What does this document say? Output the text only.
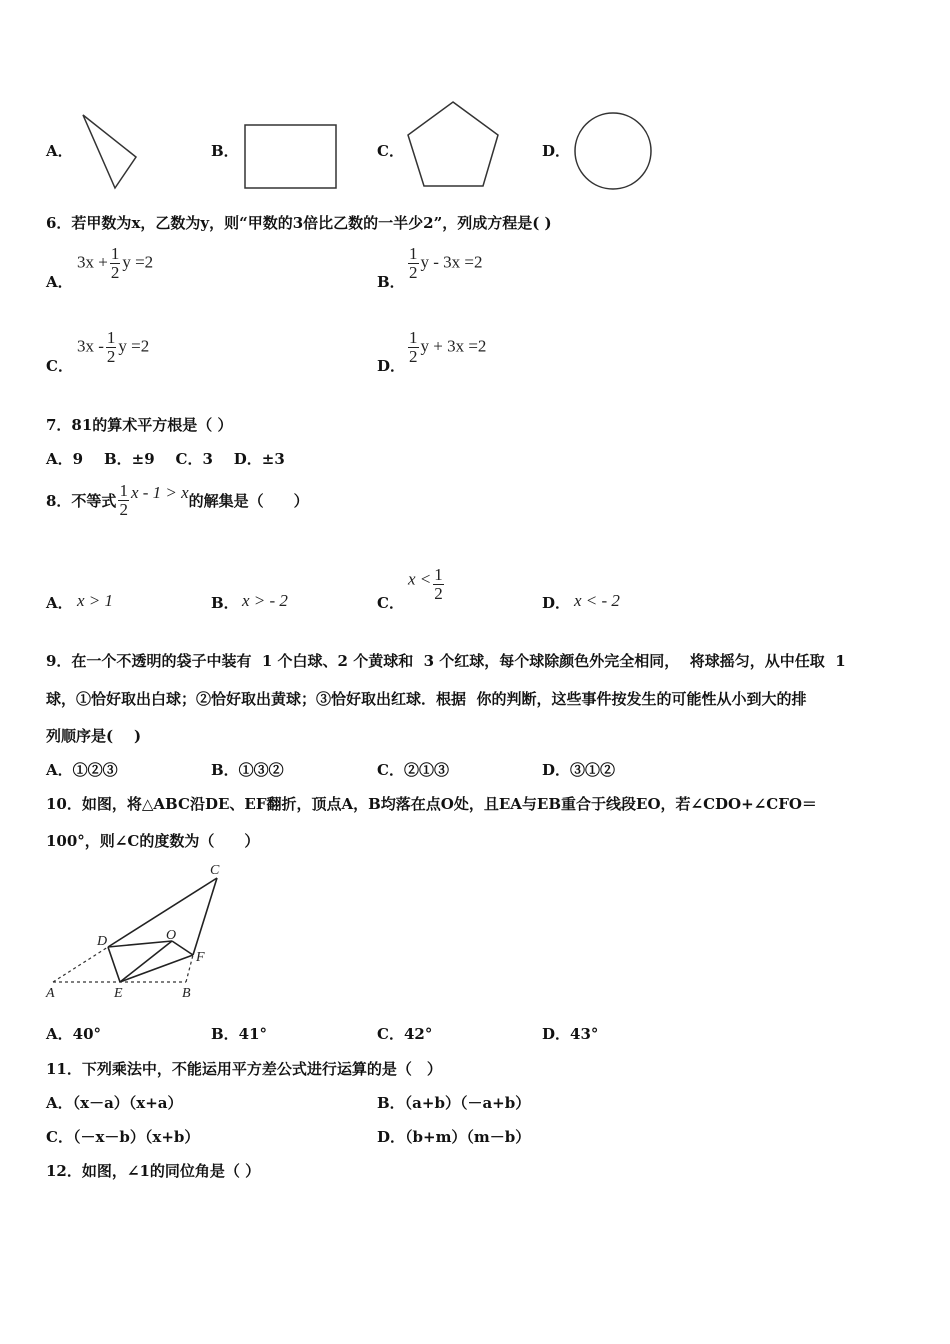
A．	B．	C．	D．
6．若甲数为x，乙数为y，则“甲数的3倍比乙数的一半少2”，列成方程是( )
A．
$3x + \frac{1}{2}$ y =2
B．
$\frac{1}{2}$ y - 3x =2
C．
$3x - \frac{1}{2}$ y =2
D．
$\frac{1}{2}$ y + 3x =2
7．81的算术平方根是（ ）
A．9    B．±9    C．3    D．±3
8．不等式 $\frac{1}{2}$ x - 1 > x的解集是（　　）
A． x > 1	B． x > - 2	C．
$x < \frac{1}{2}$
D． x < - 2
9．在一个不透明的袋子中装有  1 个白球、2 个黄球和  3 个红球，每个球除颜色外完全相同，  将球摇匀，从中任取  1
球，①恰好取出白球；②恰好取出黄球；③恰好取出红球．根据  你的判断，这些事件按发生的可能性从小到大的排
列顺序是(    )
A．①②③	B．①③②	C．②①③	D．③①②
10．如图，将△ABC沿DE、EF翻折，顶点A，B均落在点O处，且EA与EB重合于线段EO，若∠CDO+∠CFO＝
100°，则∠C的度数为（　　）
A	E	B
D	O
F
C
A．40°	B．41°	C．42°	D．43°
11．下列乘法中，不能运用平方差公式进行运算的是（　）
A．（x－a）（x+a）	B．（a+b）（－a+b）
C．（－x－b）（x+b）	D．（b+m）（m－b）
12．如图，∠1的同位角是（ ）
